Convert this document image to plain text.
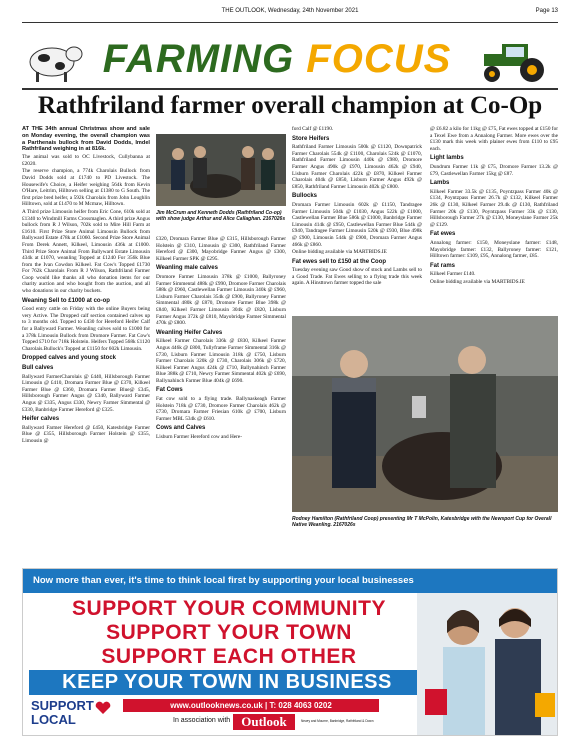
THE OUTLOOK, Wednesday, 24th November 2021	Page 13
FARMING FOCUS
Rathfriland farmer overall champion at Co-Op

AT THE 34th annual Christmas show and sale on Monday evening, the overall champion was a Parthenais bullock from David Dodds, Imdel Rathfriland weighing in at 816k.

The animal was sold to OC Livestock, Cullybanna at £2020.

The reserve champion, a 774k Charolais Bullock from David Dodds sold at £1740 to PD Livestock. The Housewife's Choice, a Heifer weighing 564k from Kevin O'Hare, Leitrim, Hilltown selling at £1380 to G South. The first prize bred heifer, a 592k Charolais from John Loughlin Hilltown, sold at £1470 to M Mcmaw, Hilltown.

A Third prize Limousin heifer from Eric Cone, 610k sold at £1340 to Windmill Farms Crossmaglen. A third prize Angus bullock from R J Wilson, 702k sold to Mire Hill Farm at £1610. First Prize Store Animal Limousin Bullock from Ballyward Estate 478k at £1060. Second Prize Store Animal From Derek Annett, Kilkeel, Limousin 436k at £1000. Third Prize Store Animal From Ballyward Estate Limousin 434k at £1070, weanling Topped at £1240 For 356k Blue from the Ivan Cowdon Kilkeel. Fat Cow's Topped £1730 For 762k Charolais From R J Wilson, Rathfriland Farmer Coop would like thanks all who donation items for our charity auction and who bought from the auction, and all who donations in our charity buckets.

Weaning Sell to £1000 at co-op

Good entry cattle on Friday with the online Buyers being very Active. The Dropped calf section contained calves up to 3 months old. Topped to £430 for Hereford Heifer Calf for a Ballyward Farmer. Weanling calves sold to £1000 for a 378k Limousin Bullock from Dromore Farmer. Fat Cow's Topped £710 for 718k Holstein. Heifers Topped 568k £1120 Charolais.Bullock's Topped at £1150 for 602k Limousin.

Dropped calves and young stock
Bull calves

Ballyward FarmerCharolais @ £440, Hillsborough Farmer Limousin @ £410, Dromara Farmer Blue @ £370, Kilkeel Farmer Blue @ £360, Dromara Farmer Blue@ £345, Hillsborough Farmer Angus @ £340, Ballyward Farmer Angus @ £335, Angus £330, Newry Farmer Simmental @ £330, Banbridge Farmer Hereford @ £325.

Heifer calves

Ballyward Farmer Hereford @ £450, Katesbridge Farmer Blue @ £355, Hillsborough Farmer Holstein @ £355, Limousin @

Jim McCrum and Kenneth Dodds (Rathfriland Co-op) with show judge Arthur and Alice Callaghan. 2167026s

£320, Dromara Farmer Blue @ £315, Hillsborough Farmer Holstein @ £310, Limousin @ £300, Rathfriland Farmer Hereford @ £300, Mayobridge Farmer Angus @ £300, Kilkeel Farmer SPK @ £295.

Weanling male calves

Dromore Farmer Limousin 378k @ £1000, Ballyroney Farmer Simmental 488k @ £990, Dromore Farmer Charolais 588k @ £960, Castlewellan Farmer Limousin 340k @ £960, Lisburn Farmer Charolais 354k @ £900, Ballyroney Farmer Simmental 480k @ £870, Dromore Farmer Blue 398k @ £840, Kilkeel Farmer Limousin 304k @ £820, Lisburn Farmer Angus 372k @ £810, Mayobridge Farmer Simmental 470k @ £800.

Weanling Heifer Calves

Kilkeel Farmer Charolais 336k @ £830, Kilkeel Farmer Angus 446k @ £800, Tullyframe Farmer Simmental 316k @ £730, Lisburn Farmer Limousin 318k @ £750, Lisburn Farmer Charolais 320k @ £730, Charolais 306k @ £720, Kilkeel Farmer Angus 424k @ £710, Ballynahinch Farmer Blue 388k @ £710, Newry Farmer Simmental 402k @ £690, Ballynahinch Farmer Blue 404k @ £690.

Fat Cows

Fat cow sold to a flying trade. Ballynaskeagh Farmer Holstein 718k @ £730, Dromore Farmer Charolais 462k @ £730, Dromara Farmer Friesian 610k @ £700, Lisburn Farmer MBL 534k @ £610.

Cows and Calves

Lisburn Farmer Hereford cow and Here-

ford Calf @ £1190.

Store Heifers

Rathfriland Farmer Limousin 500k @ £1120, Downpatrick Farmer Charolais 554k @ £1100, Charolais 524k @ £1070, Rathfriland Farmer Limousin 440k @ £980, Dromore Farmer Angus 490k @ £970, Limousin 462k @ £940, Lisburn Farmer Charolais 422k @ £870, Kilkeel Farmer Charolais 404k @ £850, Lisburn Farmer Angus 492k @ £850, Rathfriland Farmer Limousin 402k @ £800.

Bullocks

Dromara Farmer Limousin 602k @ £1150, Tandragee Farmer Limousin 504k @ £1030, Angus 522k @ £1000, Castlewellan Farmer Blue 586k @ £1000, Banbridge Farmer Limousin 414k @ £950, Castlewellan Farmer Blue 544k @ £940, Tandragee Farmer Limousin 520k @ £930, Blue 498k @ £900, Limousin 544k @ £900, Dromara Farmer Angus 466k @ £860.

Online bidding available via MARTBIDS.IE

Fat ewes sell to £150 at the Coop

Tuesday evening saw Good show of stock and Lambs sell to a Good Trade. Fat Ewes selling to a flying trade this week again. A Hinsttown farmer topped the sale

@ £6.82 a kilo for 11kg @ £75, Fat ewes topped at £150 for a Texel Ewe from a Annalong Farmer. More ewes over the £130 mark this week with plainer ewes from £110 to £95 each.

Light lambs

Dundrum Farmer 11k @ £75, Dromore Farmer 13.2k @ £79, Castlewellan Farmer 15kg @ £87.

Lambs

Kilkeel Farmer 33.5k @ £135, Poyntzpass Farmer 40k @ £134, Poyntzpass Farmer 26.7k @ £132, Kilkeel Farmer 26k @ £130, Kilkeel Farmer 29.4k @ £130, Rathfriland Farmer 20k @ £130, Poyntzpass Farmer 33k @ £130, Hillsborough Farmer 27k @ £130, Moneyslane Farmer 25k @ £129.

Fat ewes

Annalong farmer: £150, Moneyslane farmer: £148, Mayobridge farmer: £132, Ballyroney farmer: £121, Hilltown farmer: £109, £95, Annalong farmer, £85.

Fat rams

Kilkeel Farmer £140.

Online bidding available via MARTBIDS.IE

Rodney Hamilton (Rathfriland Coop) presenting Mr T McPolin, Katesbridge with the Newsport Cup for Overall Native Weanling. 2167026s
Now more than ever, it's time to think local first by supporting your local businesses
SUPPORT YOUR COMMUNITY
SUPPORT YOUR TOWN
SUPPORT EACH OTHER
KEEP YOUR TOWN IN BUSINESS
SUPPORT
LOCAL
www.outlooknews.co.uk | T: 028 4063 0202
In association with Outlook	Newry and Mourne, Banbridge, Rathfriland & Down
